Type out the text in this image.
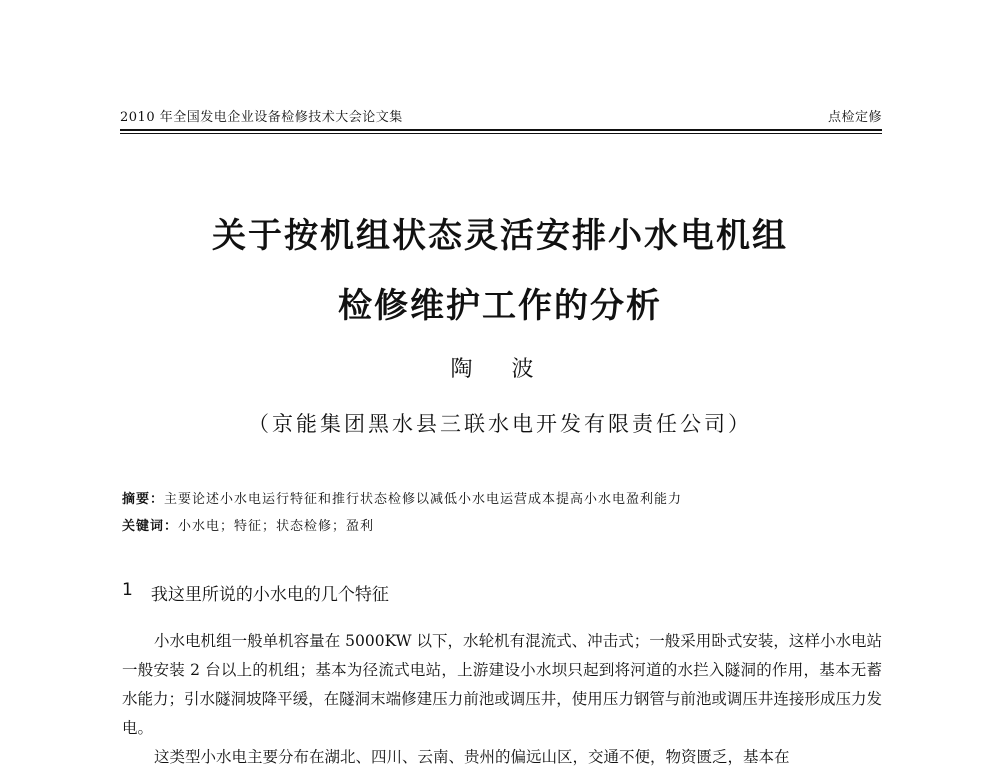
2010 年全国发电企业设备检修技术大会论文集	点检定修
关于按机组状态灵活安排小水电机组
检修维护工作的分析
陶 波
（京能集团黑水县三联水电开发有限责任公司）
摘要：主要论述小水电运行特征和推行状态检修以减低小水电运营成本提高小水电盈利能力
关键词：小水电；特征；状态检修；盈利
1 我这里所说的小水电的几个特征

小水电机组一般单机容量在 5000KW 以下，水轮机有混流式、冲击式；一般采用卧式安装，这样小水电站一般安装 2 台以上的机组；基本为径流式电站，上游建设小水坝只起到将河道的水拦入隧洞的作用，基本无蓄水能力；引水隧洞坡降平缓，在隧洞末端修建压力前池或调压井，使用压力钢管与前池或调压井连接形成压力发电。

这类型小水电主要分布在湖北、四川、云南、贵州的偏远山区，交通不便，物资匮乏，基本在
